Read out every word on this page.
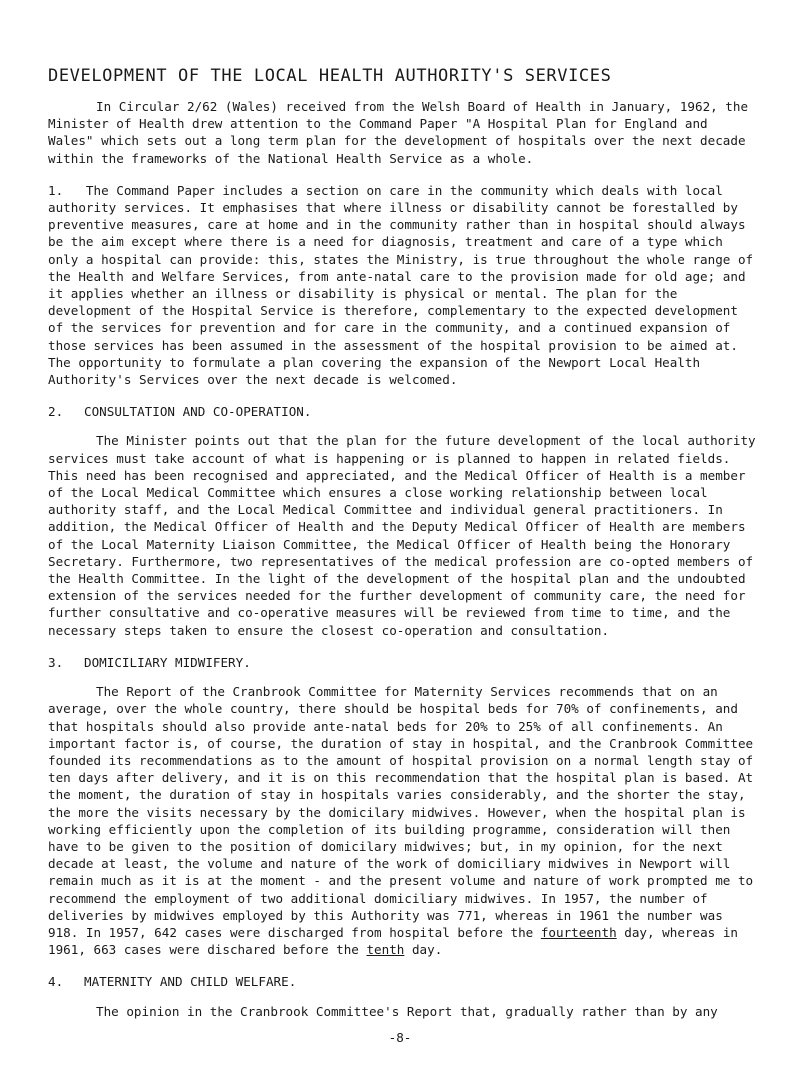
DEVELOPMENT OF THE LOCAL HEALTH AUTHORITY'S SERVICES

In Circular 2/62 (Wales) received from the Welsh Board of Health in January, 1962, the Minister of Health drew attention to the Command Paper "A Hospital Plan for England and Wales" which sets out a long term plan for the development of hospitals over the next decade within the frameworks of the National Health Service as a whole.

1. The Command Paper includes a section on care in the community which deals with local authority services. It emphasises that where illness or disability cannot be forestalled by preventive measures, care at home and in the community rather than in hospital should always be the aim except where there is a need for diagnosis, treatment and care of a type which only a hospital can provide: this, states the Ministry, is true throughout the whole range of the Health and Welfare Services, from ante-natal care to the provision made for old age; and it applies whether an illness or disability is physical or mental. The plan for the development of the Hospital Service is therefore, complementary to the expected development of the services for prevention and for care in the community, and a continued expansion of those services has been assumed in the assessment of the hospital provision to be aimed at. The opportunity to formulate a plan covering the expansion of the Newport Local Health Authority's Services over the next decade is welcomed.

2. CONSULTATION AND CO-OPERATION.

The Minister points out that the plan for the future development of the local authority services must take account of what is happening or is planned to happen in related fields. This need has been recognised and appreciated, and the Medical Officer of Health is a member of the Local Medical Committee which ensures a close working relationship between local authority staff, and the Local Medical Committee and individual general practitioners. In addition, the Medical Officer of Health and the Deputy Medical Officer of Health are members of the Local Maternity Liaison Committee, the Medical Officer of Health being the Honorary Secretary. Furthermore, two representatives of the medical profession are co-opted members of the Health Committee. In the light of the development of the hospital plan and the undoubted extension of the services needed for the further development of community care, the need for further consultative and co-operative measures will be reviewed from time to time, and the necessary steps taken to ensure the closest co-operation and consultation.

3. DOMICILIARY MIDWIFERY.

The Report of the Cranbrook Committee for Maternity Services recommends that on an average, over the whole country, there should be hospital beds for 70% of confinements, and that hospitals should also provide ante-natal beds for 20% to 25% of all confinements. An important factor is, of course, the duration of stay in hospital, and the Cranbrook Committee founded its recommendations as to the amount of hospital provision on a normal length stay of ten days after delivery, and it is on this recommendation that the hospital plan is based. At the moment, the duration of stay in hospitals varies considerably, and the shorter the stay, the more the visits necessary by the domicilary midwives. However, when the hospital plan is working efficiently upon the completion of its building programme, consideration will then have to be given to the position of domicilary midwives; but, in my opinion, for the next decade at least, the volume and nature of the work of domiciliary midwives in Newport will remain much as it is at the moment - and the present volume and nature of work prompted me to recommend the employment of two additional domiciliary midwives. In 1957, the number of deliveries by midwives employed by this Authority was 771, whereas in 1961 the number was 918. In 1957, 642 cases were discharged from hospital before the fourteenth day, whereas in 1961, 663 cases were dischared before the tenth day.

4. MATERNITY AND CHILD WELFARE.

The opinion in the Cranbrook Committee's Report that, gradually rather than by any

-8-
